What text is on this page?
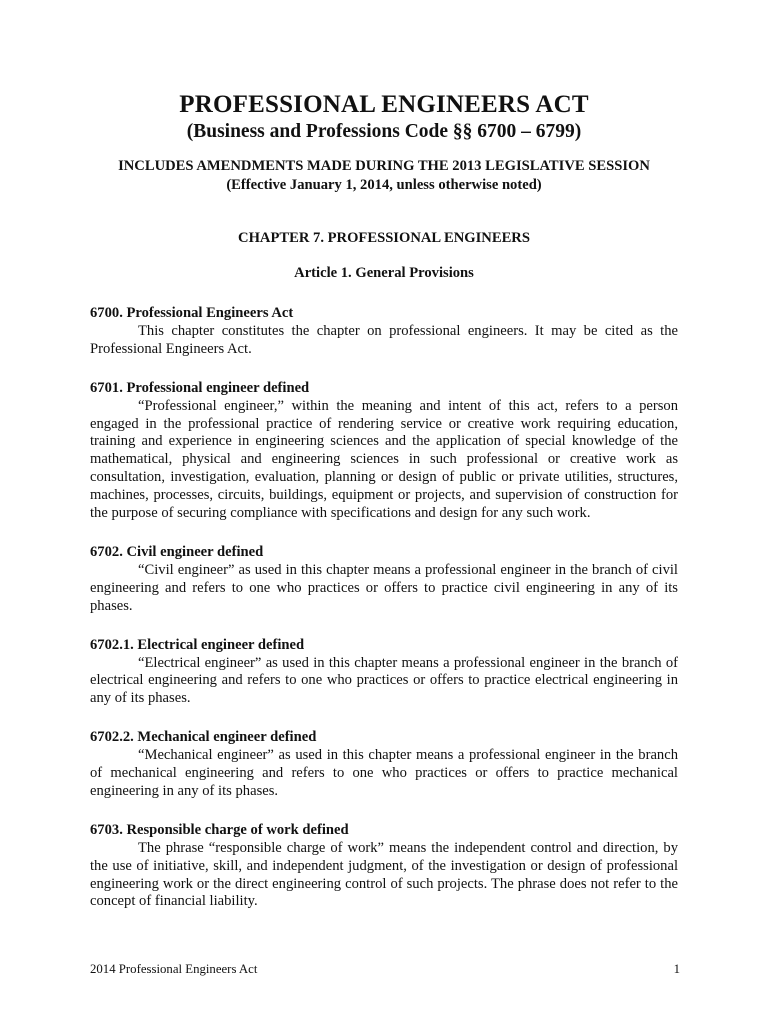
PROFESSIONAL ENGINEERS ACT
(Business and Professions Code §§ 6700 – 6799)
INCLUDES AMENDMENTS MADE DURING THE 2013 LEGISLATIVE SESSION
(Effective January 1, 2014, unless otherwise noted)
CHAPTER 7. PROFESSIONAL ENGINEERS
Article 1. General Provisions
6700. Professional Engineers Act
This chapter constitutes the chapter on professional engineers. It may be cited as the Professional Engineers Act.
6701. Professional engineer defined
“Professional engineer,” within the meaning and intent of this act, refers to a person engaged in the professional practice of rendering service or creative work requiring education, training and experience in engineering sciences and the application of special knowledge of the mathematical, physical and engineering sciences in such professional or creative work as consultation, investigation, evaluation, planning or design of public or private utilities, structures, machines, processes, circuits, buildings, equipment or projects, and supervision of construction for the purpose of securing compliance with specifications and design for any such work.
6702. Civil engineer defined
“Civil engineer” as used in this chapter means a professional engineer in the branch of civil engineering and refers to one who practices or offers to practice civil engineering in any of its phases.
6702.1. Electrical engineer defined
“Electrical engineer” as used in this chapter means a professional engineer in the branch of electrical engineering and refers to one who practices or offers to practice electrical engineering in any of its phases.
6702.2. Mechanical engineer defined
“Mechanical engineer” as used in this chapter means a professional engineer in the branch of mechanical engineering and refers to one who practices or offers to practice mechanical engineering in any of its phases.
6703. Responsible charge of work defined
The phrase “responsible charge of work” means the independent control and direction, by the use of initiative, skill, and independent judgment, of the investigation or design of professional engineering work or the direct engineering control of such projects. The phrase does not refer to the concept of financial liability.
2014 Professional Engineers Act	1
